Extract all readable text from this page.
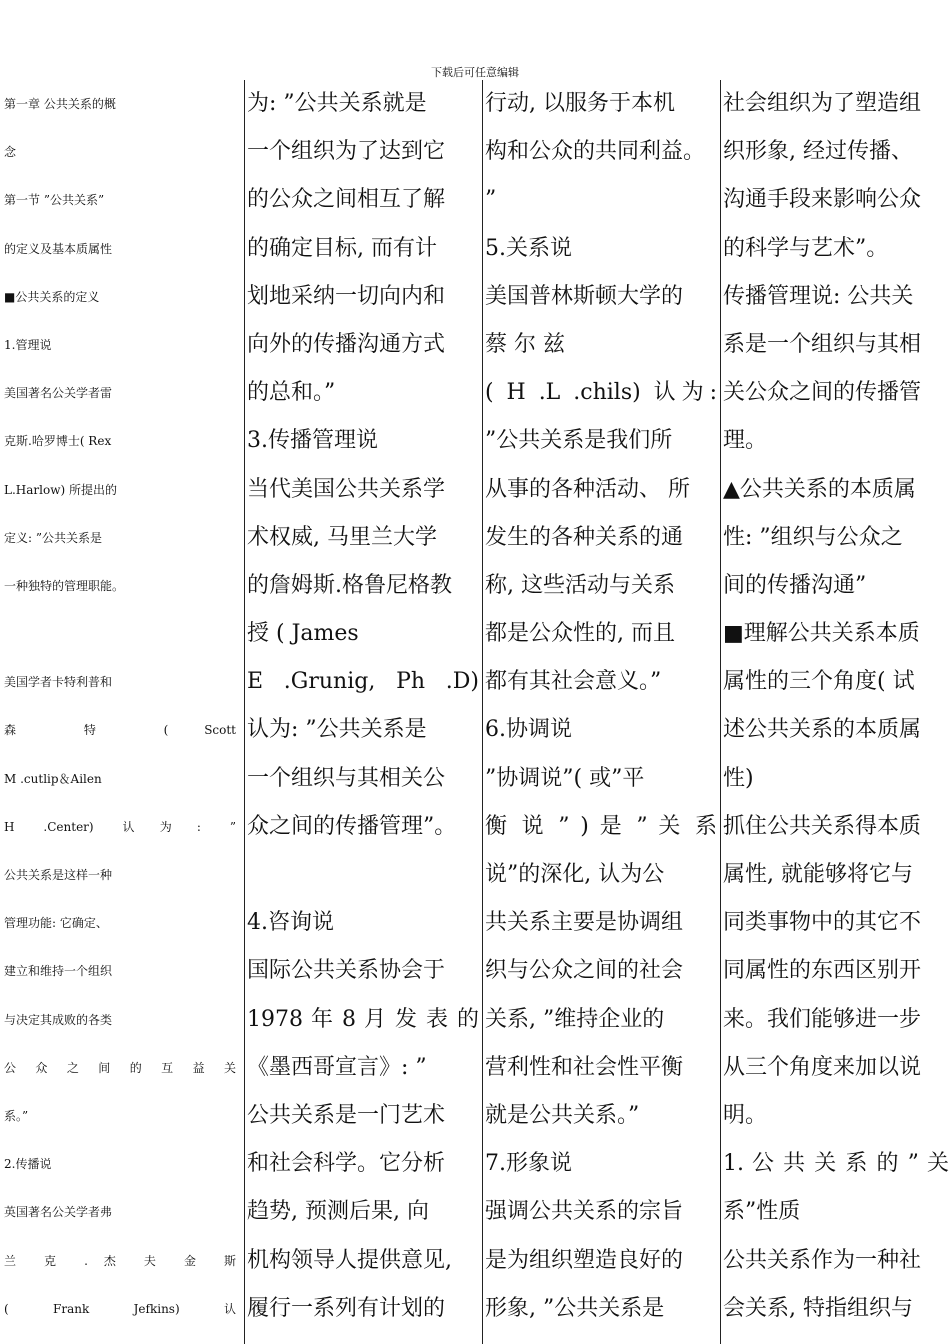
下载后可任意编辑
第一章 公共关系的概
念
第一节 ”公共关系”
的定义及基本质属性
■公共关系的定义
1.管理说
美国著名公关学者雷
克斯.哈罗博士( Rex
L.Harlow) 所提出的
定义: ”公共关系是
一种独特的管理职能。
美国学者卡特利普和
森 特 ( Scott
M .cutlip＆Ailen
H .Center) 认为: ”
公共关系是这样一种
管理功能: 它确定、
建立和维持一个组织
与决定其成败的各类
公 众 之 间 的 互 益 关
系。”
2.传播说
英国著名公关学者弗
兰 克 . 杰 夫 金 斯
( Frank Jefkins) 认
为: ”公共关系就是
一个组织为了达到它
的公众之间相互了解
的确定目标, 而有计
划地采纳一切向内和
向外的传播沟通方式
的总和。”
3.传播管理说
当代美国公共关系学
术权威, 马里兰大学
的詹姆斯.格鲁尼格教
授 ( James
E .Grunig, Ph .D)
认为: ”公共关系是
一个组织与其相关公
众之间的传播管理”。
4.咨询说
国际公共关系协会于
1978 年 8 月 发 表 的
《墨西哥宣言》: ”
公共关系是一门艺术
和社会科学。它分析
趋势, 预测后果, 向
机构领导人提供意见,
履行一系列有计划的
行动, 以服务于本机
构和公众的共同利益。
”
5.关系说
美国普林斯顿大学的
蔡 尔 兹
( H .L .chils) 认为:
”公共关系是我们所
从事的各种活动、 所
发生的各种关系的通
称, 这些活动与关系
都是公众性的, 而且
都有其社会意义。”
6.协调说
”协调说”( 或”平
衡 说 ” ) 是 ” 关 系
说”的深化, 认为公
共关系主要是协调组
织与公众之间的社会
关系, ”维持企业的
营利性和社会性平衡
就是公共关系。”
7.形象说
强调公共关系的宗旨
是为组织塑造良好的
形象, ”公共关系是
社会组织为了塑造组
织形象, 经过传播、
沟通手段来影响公众
的科学与艺术”。
传播管理说: 公共关
系是一个组织与其相
关公众之间的传播管
理。
▲公共关系的本质属
性: ”组织与公众之
间的传播沟通”
■理解公共关系本质
属性的三个角度( 试
述公共关系的本质属
性)
抓住公共关系得本质
属性, 就能够将它与
同类事物中的其它不
同属性的东西区别开
来。我们能够进一步
从三个角度来加以说
明。
1. 公 共 关 系 的 ” 关
系”性质
公共关系作为一种社
会关系, 特指组织与
